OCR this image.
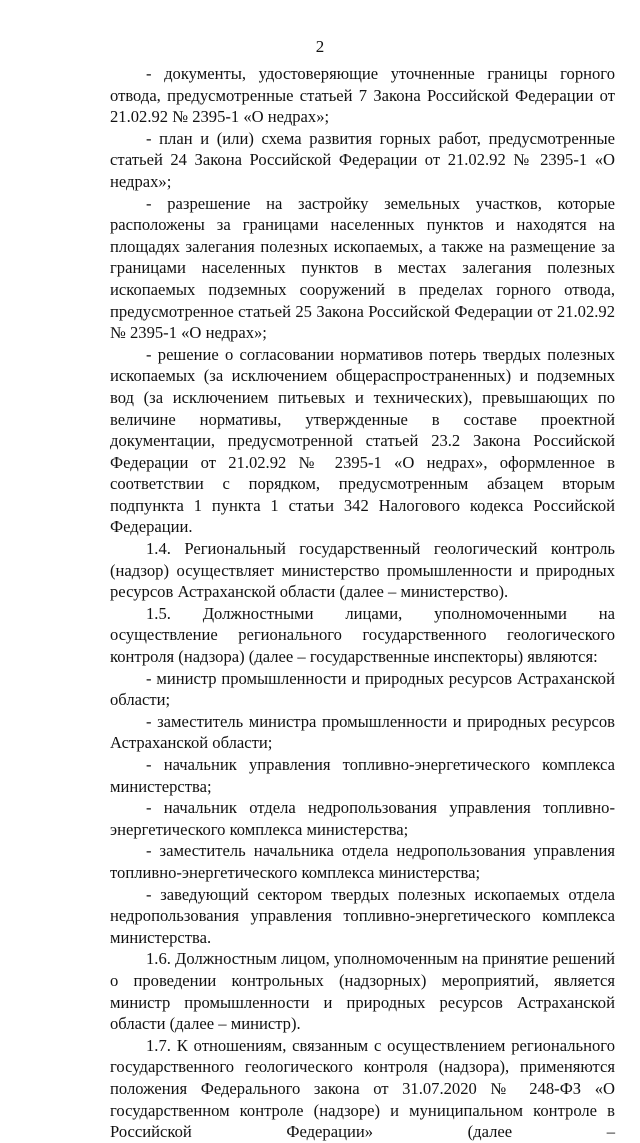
2

- документы, удостоверяющие уточненные границы горного отвода, предусмотренные статьей 7 Закона Российской Федерации от 21.02.92 № 2395-1 «О недрах»;

- план и (или) схема развития горных работ, предусмотренные статьей 24 Закона Российской Федерации от 21.02.92 № 2395-1 «О недрах»;

- разрешение на застройку земельных участков, которые расположены за границами населенных пунктов и находятся на площадях залегания полезных ископаемых, а также на размещение за границами населенных пунктов в местах залегания полезных ископаемых подземных сооружений в пределах горного отвода, предусмотренное статьей 25 Закона Российской Федерации от 21.02.92 № 2395-1 «О недрах»;

- решение о согласовании нормативов потерь твердых полезных ископаемых (за исключением общераспространенных) и подземных вод (за исключением питьевых и технических), превышающих по величине нормативы, утвержденные в составе проектной документации, предусмотренной статьей 23.2 Закона Российской Федерации от 21.02.92 № 2395-1 «О недрах», оформленное в соответствии с порядком, предусмотренным абзацем вторым подпункта 1 пункта 1 статьи 342 Налогового кодекса Российской Федерации.

1.4. Региональный государственный геологический контроль (надзор) осуществляет министерство промышленности и природных ресурсов Астраханской области (далее – министерство).

1.5. Должностными лицами, уполномоченными на осуществление регионального государственного геологического контроля (надзора) (далее – государственные инспекторы) являются:

- министр промышленности и природных ресурсов Астраханской области;

- заместитель министра промышленности и природных ресурсов Астраханской области;

- начальник управления топливно-энергетического комплекса министерства;

- начальник отдела недропользования управления топливно-энергетического комплекса министерства;

- заместитель начальника отдела недропользования управления топливно-энергетического комплекса министерства;

- заведующий сектором твердых полезных ископаемых отдела недропользования управления топливно-энергетического комплекса министерства.

1.6. Должностным лицом, уполномоченным на принятие решений о проведении контрольных (надзорных) мероприятий, является министр промышленности и природных ресурсов Астраханской области (далее – министр).

1.7. К отношениям, связанным с осуществлением регионального государственного геологического контроля (надзора), применяются положения Федерального закона от 31.07.2020 № 248-ФЗ «О государственном контроле (надзоре) и муниципальном контроле в Российской Федерации» (далее –
